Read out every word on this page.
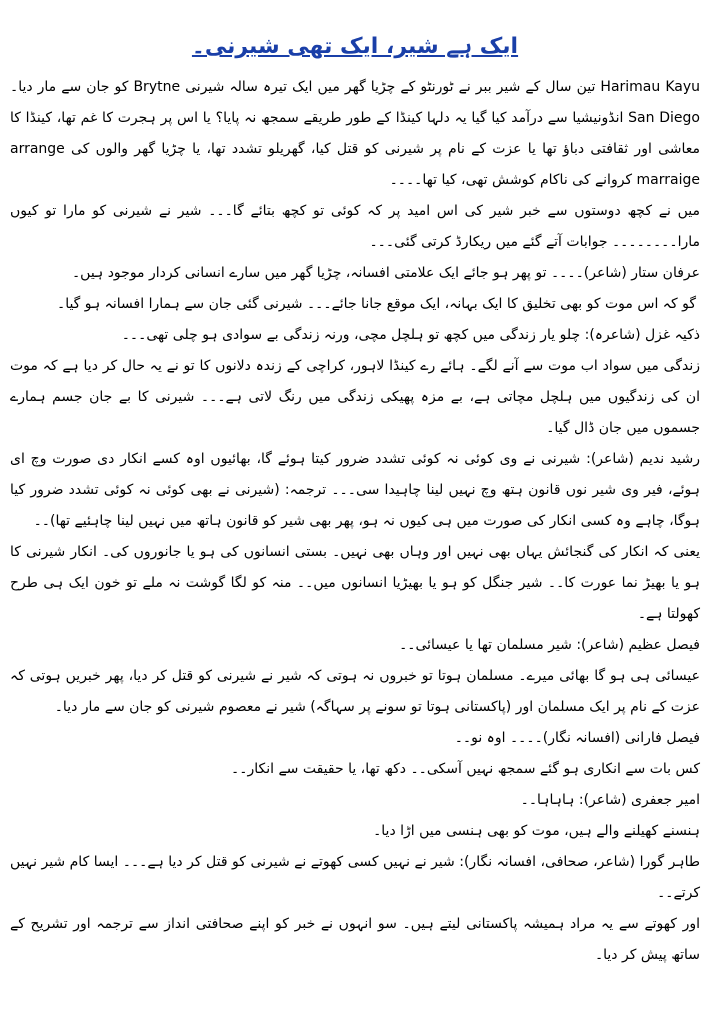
ایک ہے شیر، ایک تھی شیرنی۔

Harimau Kayu تین سال کے شیر ببر نے ٹورنٹو کے چڑیا گھر میں ایک تیرہ سالہ شیرنی Brytne کو جان سے مار دیا۔ San Diego انڈونیشیا سے درآمد کیا گیا یہ دلہا کینڈا کے طور طریقے سمجھ نہ پایا؟ یا اس پر ہجرت کا غم تھا، کینڈا کا معاشی اور ثقافتی دباؤ تھا یا عزت کے نام پر شیرنی کو قتل کیا، گھریلو تشدد تھا، یا چڑیا گھر والوں کی arrange marraige کروانے کی ناکام کوشش تھی، کیا تھا۔۔۔۔

میں نے کچھ دوستوں سے خبر شیر کی اس امید پر کہ کوئی تو کچھ بتائے گا۔۔۔ شیر نے شیرنی کو مارا تو کیوں مارا۔۔۔۔۔۔۔۔ جوابات آتے گئے میں ریکارڈ کرتی گئی۔۔۔

عرفان ستار (شاعر)۔۔۔۔ تو پھر ہو جائے ایک علامتی افسانہ، چڑیا گھر میں سارے انسانی کردار موجود ہیں۔

گو کہ اس موت کو بھی تخلیق کا ایک بہانہ، ایک موقع جانا جائے۔۔۔ شیرنی گئی جان سے ہمارا افسانہ ہو گیا۔

ذکیہ غزل (شاعرہ): چلو یار زندگی میں کچھ تو ہلچل مچی، ورنہ زندگی بے سوادی ہو چلی تھی۔۔۔

زندگی میں سواد اب موت سے آنے لگے۔ ہائے رے کینڈا لاہور، کراچی کے زندہ دلانوں کا تو نے یہ حال کر دیا ہے کہ موت ان کی زندگیوں میں ہلچل مچاتی ہے، بے مزہ پھیکی زندگی میں رنگ لاتی ہے۔۔۔ شیرنی کا بے جان جسم ہمارے جسموں میں جان ڈال گیا۔

رشید ندیم (شاعر): شیرنی نے وی کوئی نہ کوئی تشدد ضرور کیتا ہوئے گا، بھائیوں اوہ کسے انکار دی صورت وچ ای ہوئے، فیر وی شیر نوں قانون ہتھ وچ نہیں لینا چاہیدا سی۔۔۔ ترجمہ: (شیرنی نے بھی کوئی نہ کوئی تشدد ضرور کیا ہوگا، چاہے وہ کسی انکار کی صورت میں ہی کیوں نہ ہو، پھر بھی شیر کو قانون ہاتھ میں نہیں لینا چاہئیے تھا)۔۔

یعنی کہ انکار کی گنجائش یہاں بھی نہیں اور وہاں بھی نہیں۔ بستی انسانوں کی ہو یا جانوروں کی۔ انکار شیرنی کا ہو یا بھیڑ نما عورت کا۔۔ شیر جنگل کو ہو یا بھیڑیا انسانوں میں۔۔ منہ کو لگا گوشت نہ ملے تو خون ایک ہی طرح کھولتا ہے۔

فیصل عظیم (شاعر): شیر مسلمان تھا یا عیسائی۔۔

عیسائی ہی ہو گا بھائی میرے۔ مسلمان ہوتا تو خبروں نہ ہوتی کہ شیر نے شیرنی کو قتل کر دیا، پھر خبریں ہوتی کہ عزت کے نام پر ایک مسلمان اور (پاکستانی ہوتا تو سونے پر سہاگہ) شیر نے معصوم شیرنی کو جان سے مار دیا۔

فیصل فارانی (افسانہ نگار)۔۔۔۔ اوہ نو۔۔

کس بات سے انکاری ہو گئے سمجھ نہیں آسکی۔۔ دکھ تھا، یا حقیقت سے انکار۔۔

امیر جعفری (شاعر): ہاہاہا۔۔

ہنسنے کھیلنے والے ہیں، موت کو بھی ہنسی میں اڑا دیا۔

طاہر گورا (شاعر، صحافی، افسانہ نگار): شیر نے نہیں کسی کھوتے نے شیرنی کو قتل کر دیا ہے۔۔۔ ایسا کام شیر نہیں کرتے۔۔

اور کھوتے سے یہ مراد ہمیشہ پاکستانی لیتے ہیں۔ سو انہوں نے خبر کو اپنے صحافتی انداز سے ترجمہ اور تشریح کے ساتھ پیش کر دیا۔
